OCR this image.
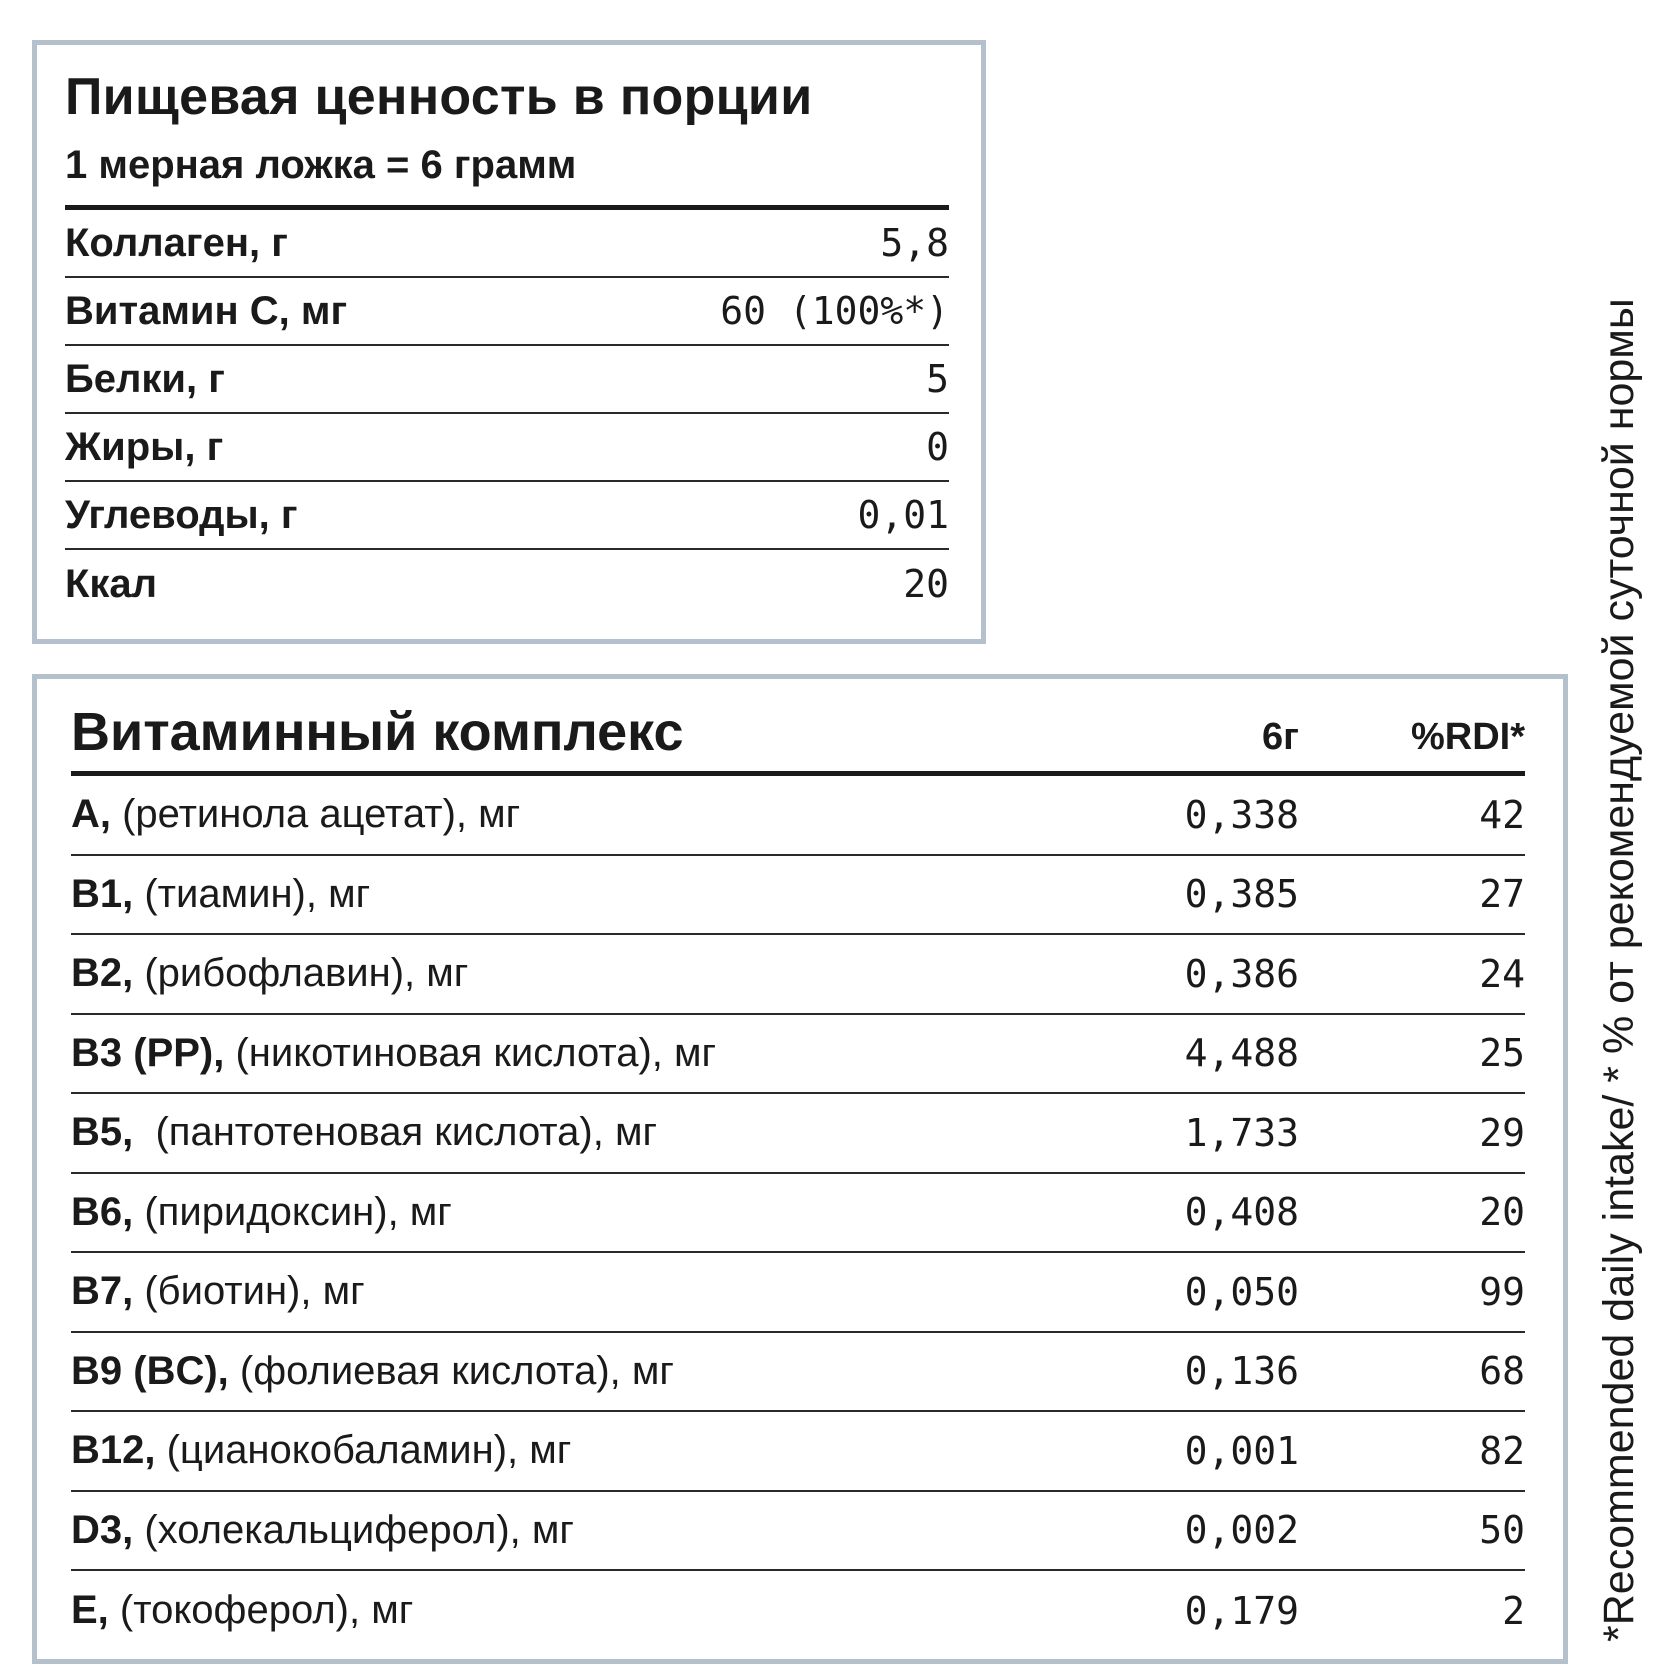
Пищевая ценность в порции
1 мерная ложка = 6 грамм
Коллаген, г	5,8
Витамин С, мг	60 (100%*)
Белки, г	5
Жиры, г	0
Углеводы, г	0,01
Ккал	20
Витаминный комплекс	6г	%RDI*
A, (ретинола ацетат), мг	0,338	42
B1, (тиамин), мг	0,385	27
B2, (рибофлавин), мг	0,386	24
B3 (PP), (никотиновая кислота), мг	4,488	25
B5,  (пантотеновая кислота), мг	1,733	29
B6, (пиридоксин), мг	0,408	20
B7, (биотин), мг	0,050	99
B9 (BC), (фолиевая кислота), мг	0,136	68
B12, (цианокобаламин), мг	0,001	82
D3, (холекальциферол), мг	0,002	50
E, (токоферол), мг	0,179	2 *Recommended daily intake/ * % от рекомендуемой суточной нормы
